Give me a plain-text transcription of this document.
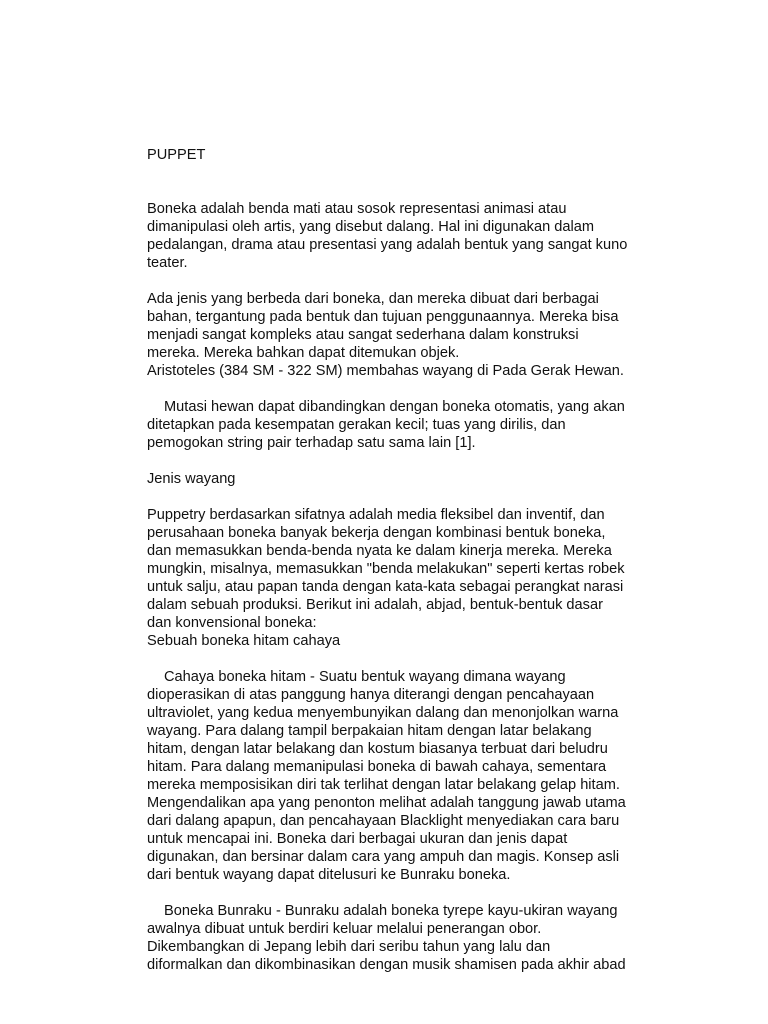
PUPPET
Boneka adalah benda mati atau sosok representasi animasi atau
dimanipulasi oleh artis, yang disebut dalang. Hal ini digunakan dalam
pedalangan, drama atau presentasi yang adalah bentuk yang sangat kuno
teater.
Ada jenis yang berbeda dari boneka, dan mereka dibuat dari berbagai
bahan, tergantung pada bentuk dan tujuan penggunaannya. Mereka bisa
menjadi sangat kompleks atau sangat sederhana dalam konstruksi
mereka. Mereka bahkan dapat ditemukan objek.
Aristoteles (384 SM - 322 SM) membahas wayang di Pada Gerak Hewan.
Mutasi hewan dapat dibandingkan dengan boneka otomatis, yang akan
ditetapkan pada kesempatan gerakan kecil; tuas yang dirilis, dan
pemogokan string pair terhadap satu sama lain [1].
Jenis wayang
Puppetry berdasarkan sifatnya adalah media fleksibel dan inventif, dan
perusahaan boneka banyak bekerja dengan kombinasi bentuk boneka,
dan memasukkan benda-benda nyata ke dalam kinerja mereka. Mereka
mungkin, misalnya, memasukkan "benda melakukan" seperti kertas robek
untuk salju, atau papan tanda dengan kata-kata sebagai perangkat narasi
dalam sebuah produksi. Berikut ini adalah, abjad, bentuk-bentuk dasar
dan konvensional boneka:
Sebuah boneka hitam cahaya
Cahaya boneka hitam - Suatu bentuk wayang dimana wayang
dioperasikan di atas panggung hanya diterangi dengan pencahayaan
ultraviolet, yang kedua menyembunyikan dalang dan menonjolkan warna
wayang. Para dalang tampil berpakaian hitam dengan latar belakang
hitam, dengan latar belakang dan kostum biasanya terbuat dari beludru
hitam. Para dalang memanipulasi boneka di bawah cahaya, sementara
mereka memposisikan diri tak terlihat dengan latar belakang gelap hitam.
Mengendalikan apa yang penonton melihat adalah tanggung jawab utama
dari dalang apapun, dan pencahayaan Blacklight menyediakan cara baru
untuk mencapai ini. Boneka dari berbagai ukuran dan jenis dapat
digunakan, dan bersinar dalam cara yang ampuh dan magis. Konsep asli
dari bentuk wayang dapat ditelusuri ke Bunraku boneka.
Boneka Bunraku - Bunraku adalah boneka tyrepe kayu-ukiran wayang
awalnya dibuat untuk berdiri keluar melalui penerangan obor.
Dikembangkan di Jepang lebih dari seribu tahun yang lalu dan
diformalkan dan dikombinasikan dengan musik shamisen pada akhir abad
